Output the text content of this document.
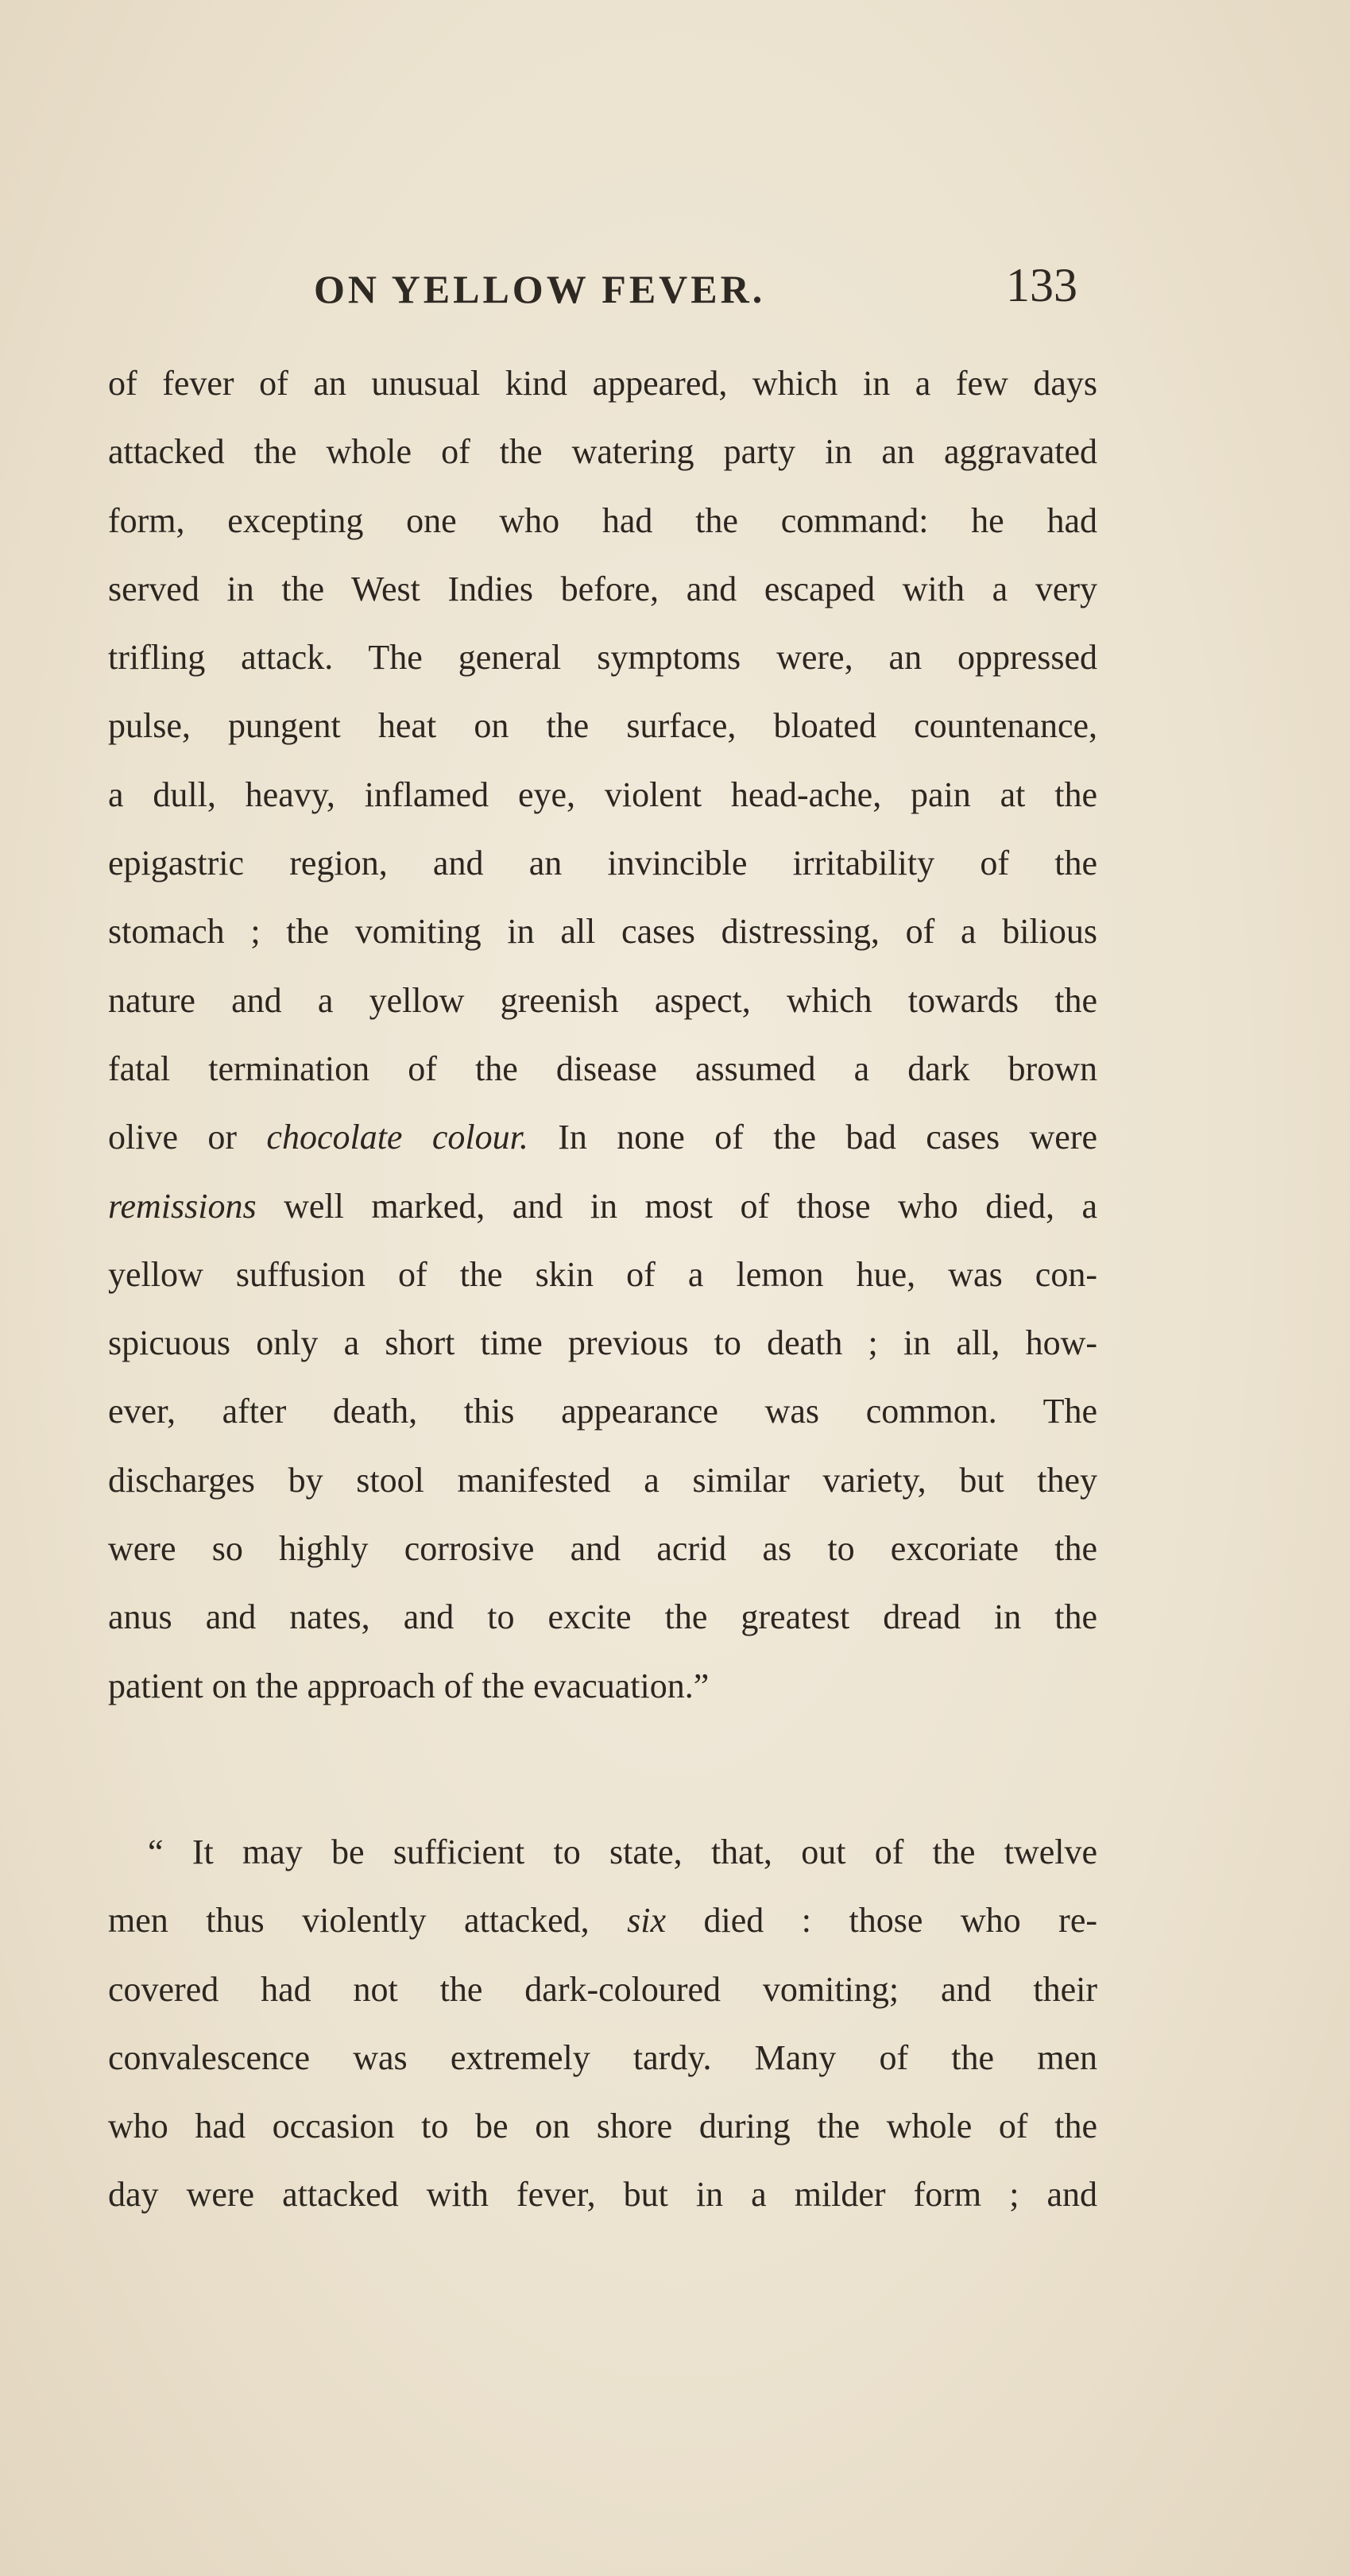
ON YELLOW FEVER.	133
of fever of an unusual kind appeared, which in a few days
attacked the whole of the watering party in an aggravated
form, excepting one who had the command: he had
served in the West Indies before, and escaped with a very
trifling attack. The general symptoms were, an oppressed
pulse, pungent heat on the surface, bloated countenance,
a dull, heavy, inflamed eye, violent head-ache, pain at the
epigastric region, and an invincible irritability of the
stomach ; the vomiting in all cases distressing, of a bilious
nature and a yellow greenish aspect, which towards the
fatal termination of the disease assumed a dark brown
olive or chocolate colour. In none of the bad cases were
remissions well marked, and in most of those who died, a
yellow suffusion of the skin of a lemon hue, was con-
spicuous only a short time previous to death ; in all, how-
ever, after death, this appearance was common. The
discharges by stool manifested a similar variety, but they
were so highly corrosive and acrid as to excoriate the
anus and nates, and to excite the greatest dread in the
patient on the approach of the evacuation.”
“ It may be sufficient to state, that, out of the twelve
men thus violently attacked, six died : those who re-
covered had not the dark-coloured vomiting; and their
convalescence was extremely tardy. Many of the men
who had occasion to be on shore during the whole of the
day were attacked with fever, but in a milder form ; and
